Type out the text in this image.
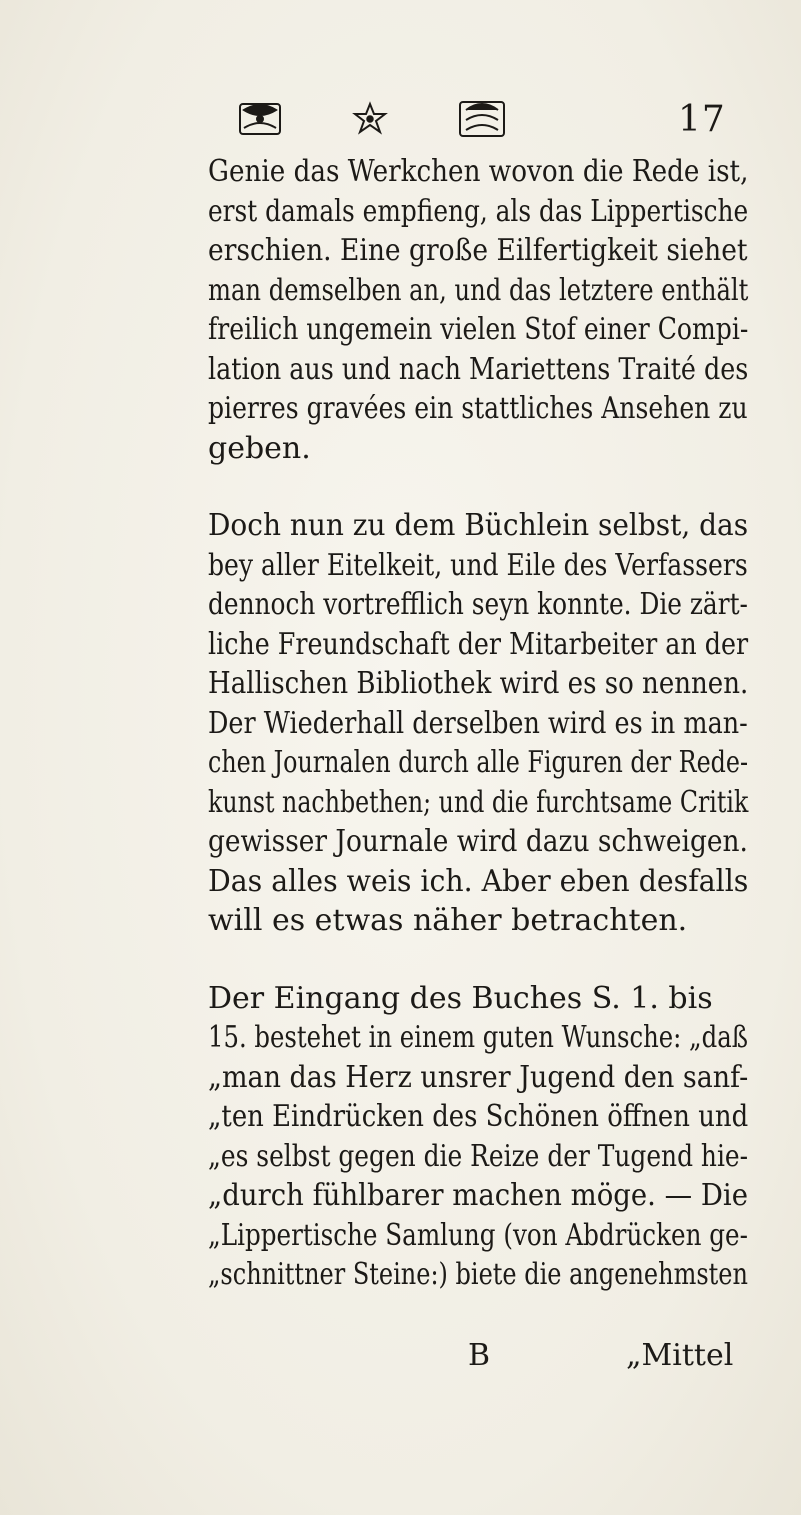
17
Genie das Werkchen wovon die Rede ist,
erst damals empfieng, als das Lippertische
erschien. Eine große Eilfertigkeit siehet
man demselben an, und das letztere enthält
freilich ungemein vielen Stof einer Compi-
lation aus und nach Mariettens Traité des
pierres gravées ein stattliches Ansehen zu
geben.
Doch nun zu dem Büchlein selbst, das
bey aller Eitelkeit, und Eile des Verfassers
dennoch vortrefflich seyn konnte. Die zärt-
liche Freundschaft der Mitarbeiter an der
Hallischen Bibliothek wird es so nennen.
Der Wiederhall derselben wird es in man-
chen Journalen durch alle Figuren der Rede-
kunst nachbethen; und die furchtsame Critik
gewisser Journale wird dazu schweigen.
Das alles weis ich. Aber eben desfalls
will es etwas näher betrachten.
Der Eingang des Buches S. 1. bis
15. bestehet in einem guten Wunsche: „daß
„man das Herz unsrer Jugend den sanf-
„ten Eindrücken des Schönen öffnen und
„es selbst gegen die Reize der Tugend hie-
„durch fühlbarer machen möge. — Die
„Lippertische Samlung (von Abdrücken ge-
„schnittner Steine:) biete die angenehmsten
B	„Mittel
